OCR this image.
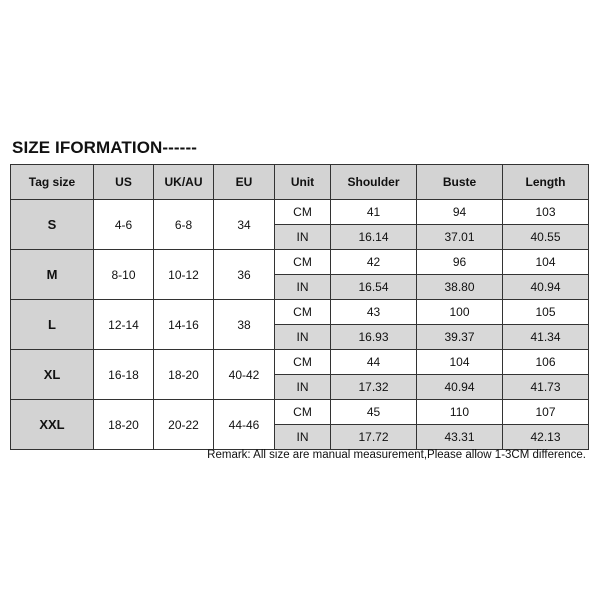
SIZE IFORMATION------
Tag size	US	UK/AU	EU	Unit	Shoulder	Buste	Length
S	4-6	6-8	34	CM	41	94	103
				IN	16.14	37.01	40.55
M	8-10	10-12	36	CM	42	96	104
				IN	16.54	38.80	40.94
L	12-14	14-16	38	CM	43	100	105
				IN	16.93	39.37	41.34
XL	16-18	18-20	40-42	CM	44	104	106
				IN	17.32	40.94	41.73
XXL	18-20	20-22	44-46	CM	45	110	107
				IN	17.72	43.31	42.13
Remark: All size are manual measurement,Please allow 1-3CM difference.
